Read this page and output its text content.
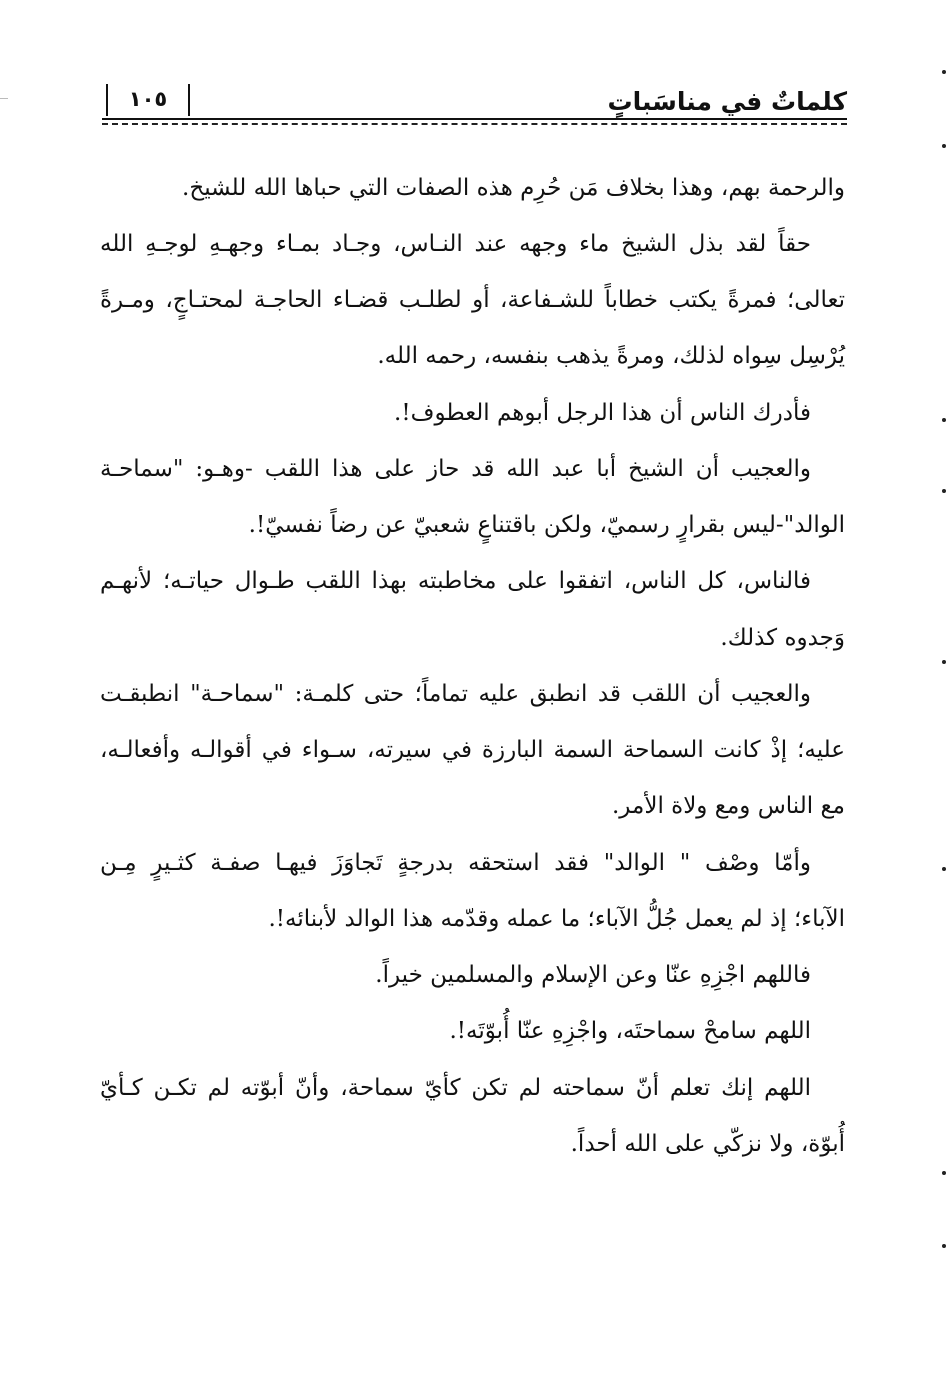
كلماتٌ في مناسَباتٍ
١٠٥
والرحمة بهم، وهذا بخلاف مَن حُرِم هذه الصفات التي حباها الله للشيخ.
حقاً لقد بذل الشيخ ماء وجهه عند النـاس، وجـاد بمـاء وجهـهِ لوجـهِ الله
تعالى؛ فمرةً يكتب خطاباً للشـفاعة، أو لطلـب قضـاء الحاجـة لمحتـاجٍ، ومـرةً
يُرْسِل سِواه لذلك، ومرةً يذهب بنفسه، رحمه الله.
فأدرك الناس أن هذا الرجل أبوهم العطوف!.
والعجيب أن الشيخ أبا عبد الله قد حاز على هذا اللقب -وهـو: "سماحـة
الوالد"-ليس بقرارٍ رسميّ، ولكن باقتناعٍ شعبيّ عن رضاً نفسيّ!.
فالناس، كل الناس، اتفقوا على مخاطبته بهذا اللقب طـوال حياتـه؛ لأنهـم
وَجدوه كذلك.
والعجيب أن اللقب قد انطبق عليه تماماً؛ حتى كلمـة: "سماحـة" انطبقـت
عليه؛ إذْ كانت السماحة السمة البارزة في سيرته، سـواء في أقوالـه وأفعالـه،
مع الناس ومع ولاة الأمر.
وأمّا وصْف " الوالد" فقد استحقه بدرجةٍ تَجاوَزَ فيهـا صفـة كثـيرٍ مِـن
الآباء؛ إذ لم يعمل جُلُّ الآباء؛ ما عمله وقدّمه هذا الوالد لأبنائه!.
فاللهم اجْزِهِ عنّا وعن الإسلام والمسلمين خيراً.
اللهم سامحْ سماحتَه، واجْزِهِ عنّا أُبوّتَه!.
اللهم إنك تعلم أنّ سماحته لم تكن كأيّ سماحة، وأنّ أبوّته لم تكـن كـأيّ
أُبوّة، ولا نزكّي على الله أحداً.
